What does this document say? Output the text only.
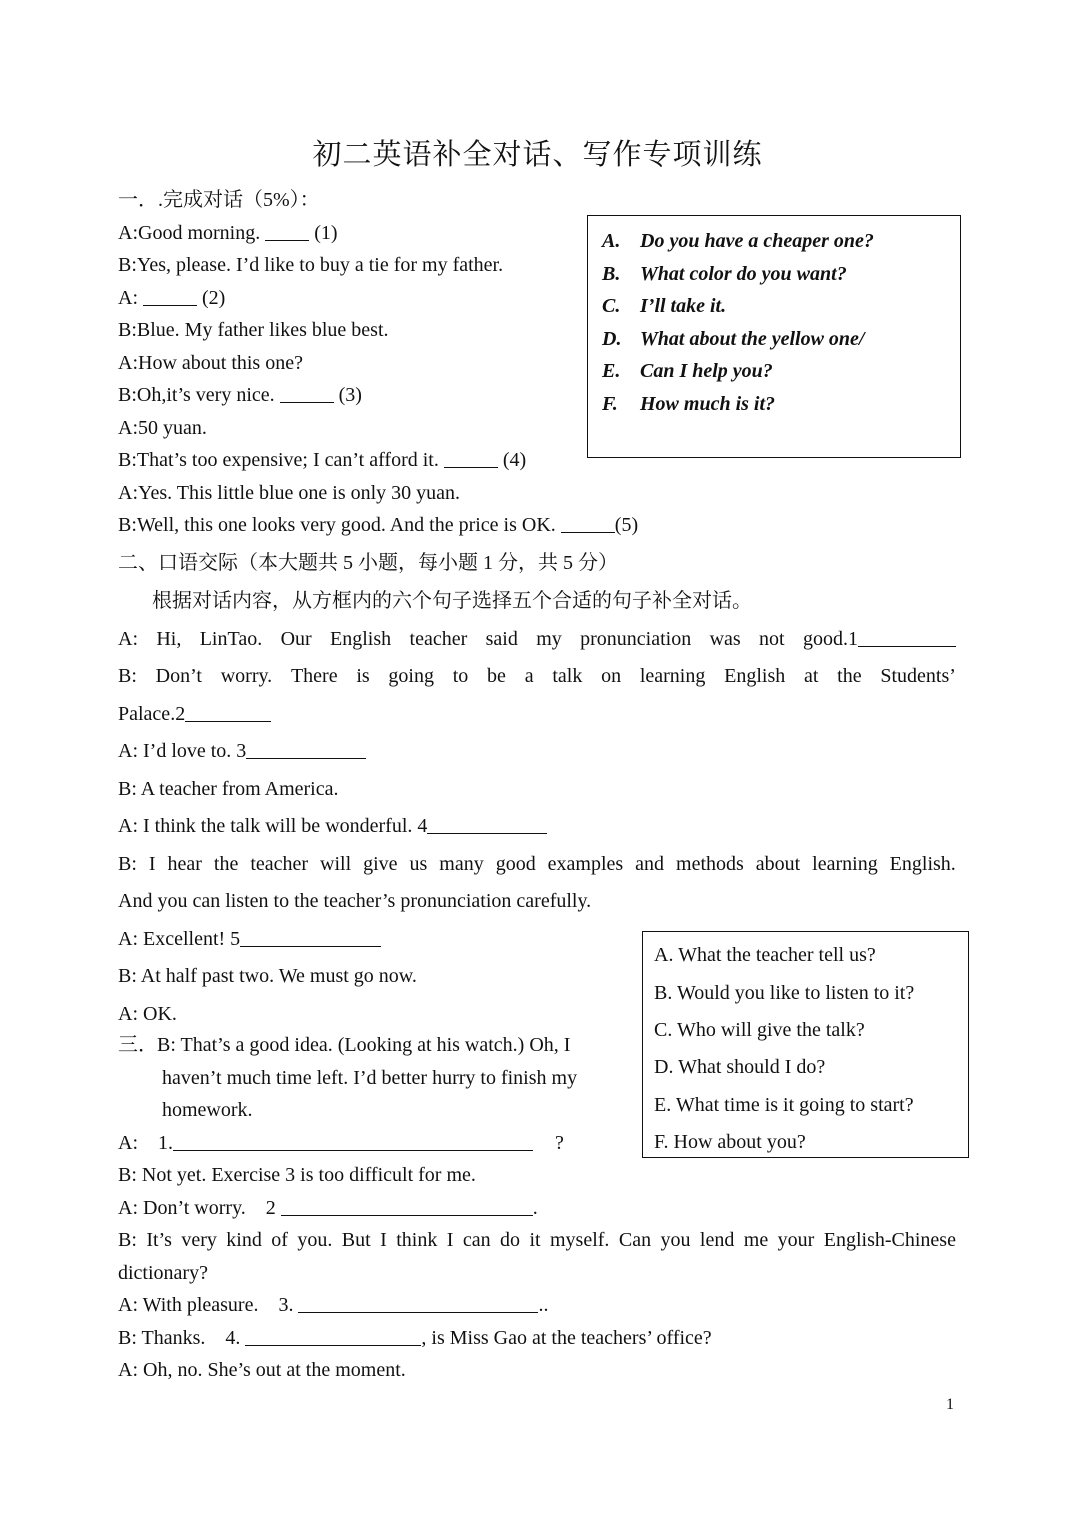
初二英语补全对话、写作专项训练
一．.完成对话（5%）：
A:Good morning.  (1)
B:Yes, please. I’d like to buy a tie for my father.
A:	(2)
B:Blue. My father likes blue best.
A:How about this one?
B:Oh,it’s very nice.	(3)
A:50 yuan.
B:That’s too expensive; I can’t afford it.	(4)
A:Yes. This little blue one is only 30 yuan.
B:Well, this one looks very good. And the price is OK.	(5)
A. Do you have a cheaper one?
B. What color do you want?
C. I’ll take it.
D. What about the yellow one/
E. Can I help you?
F. How much is it?
二、口语交际（本大题共 5 小题，每小题 1 分，共 5 分）
根据对话内容，从方框内的六个句子选择五个合适的句子补全对话。
A: Hi, LinTao. Our English teacher said my pronunciation was not good.1
B: Don’t worry. There is going to be a talk on learning English at the Students’
Palace.2
A: I’d love to. 3
B: A teacher from America.
A: I think the talk will be wonderful. 4
B: I hear the teacher will give us many good examples and methods about learning English.
And you can listen to the teacher’s pronunciation carefully.
A: Excellent! 5
B: At half past two. We must go now.
A: OK.
A. What the teacher tell us?
B. Would you like to listen to it?
C. Who will give the talk?
D. What should I do?
E. What time is it going to start?
F. How about you?
三． B: That’s a good idea. (Looking at his watch.) Oh, I
haven’t much time left. I’d better hurry to finish my
homework.
A:    1.	?
B: Not yet. Exercise 3 is too difficult for me.
A: Don’t worry.    2	.
B: It’s very kind of you. But I think I can do it myself. Can you lend me your English-Chinese
dictionary?
A: With pleasure.    3.	..
B: Thanks.    4.	, is Miss Gao at the teachers’ office?
A: Oh, no. She’s out at the moment.
1
